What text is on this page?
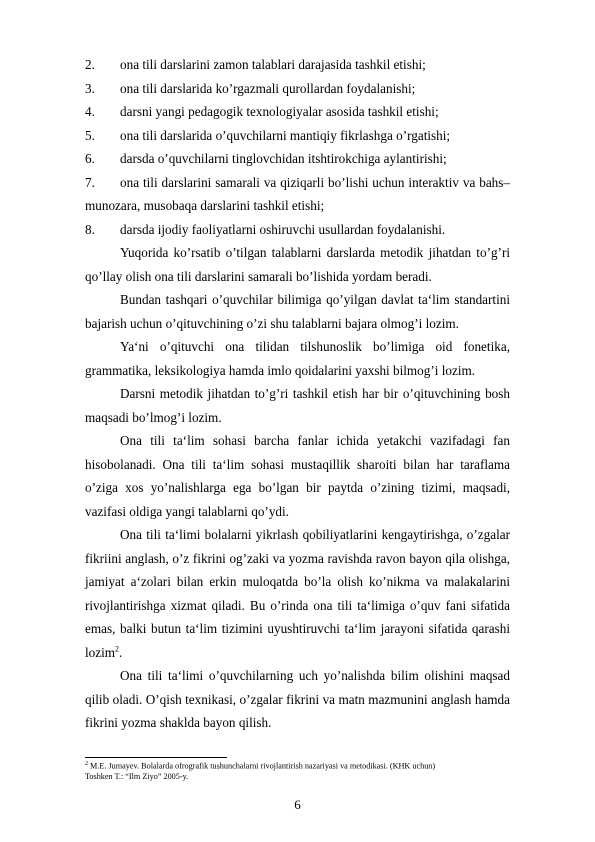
2.	ona tili darslarini zamon talablari darajasida tashkil etishi;
3.	ona tili darslarida ko’rgazmali qurollardan foydalanishi;
4.	darsni yangi pedagogik texnologiyalar asosida tashkil etishi;
5.	ona tili darslarida o’quvchilarni mantiqiy fikrlashga o’rgatishi;
6.	darsda o’quvchilarni tinglovchidan itshtirokchiga aylantirishi;
7. ona tili darslarini samarali va qiziqarli bo’lishi uchun interaktiv va bahs–munozara, musobaqa darslarini tashkil etishi;
8.	darsda ijodiy faoliyatlarni oshiruvchi usullardan foydalanishi.

Yuqorida ko’rsatib o’tilgan talablarni darslarda metodik jihatdan to’g’ri qo’llay olish ona tili darslarini samarali bo’lishida yordam beradi.

Bundan tashqari o’quvchilar bilimiga qo’yilgan davlat ta‘lim standartini bajarish uchun o’qituvchining o’zi shu talablarni bajara olmog’i lozim.

Ya‘ni o’qituvchi ona tilidan tilshunoslik bo’limiga oid fonetika, grammatika, leksikologiya hamda imlo qoidalarini yaxshi bilmog’i lozim.

Darsni metodik jihatdan to’g’ri tashkil etish har bir o’qituvchining bosh maqsadi bo’lmog’i lozim.

Ona tili ta‘lim sohasi barcha fanlar ichida yetakchi vazifadagi fan hisobolanadi. Ona tili ta‘lim sohasi mustaqillik sharoiti bilan har taraflama o’ziga xos yo’nalishlarga ega bo’lgan bir paytda o’zining tizimi, maqsadi, vazifasi oldiga yangi talablarni qo’ydi.

Ona tili ta‘limi bolalarni yikrlash qobiliyatlarini kengaytirishga, o’zgalar fikriini anglash, o’z fikrini og’zaki va yozma ravishda ravon bayon qila olishga, jamiyat a‘zolari bilan erkin muloqatda bo’la olish ko’nikma va malakalarini rivojlantirishga xizmat qiladi. Bu o’rinda ona tili ta‘limiga o’quv fani sifatida emas, balki butun ta‘lim tizimini uyushtiruvchi ta‘lim jarayoni sifatida qarashi lozim$^2$.

Ona tili ta‘limi o’quvchilarning uch yo’nalishda bilim olishini maqsad qilib oladi. O’qish texnikasi, o’zgalar fikrini va matn mazmunini anglash hamda fikrini yozma shaklda bayon qilish.

$^2$ M.E. Jumayev. Bolalarda ofrografik tushunchalarni rivojlantirish nazariyasi va metodikasi. (KHK uchun)
Toshken T.: “Ilm Ziyo” 2005-y.
6
